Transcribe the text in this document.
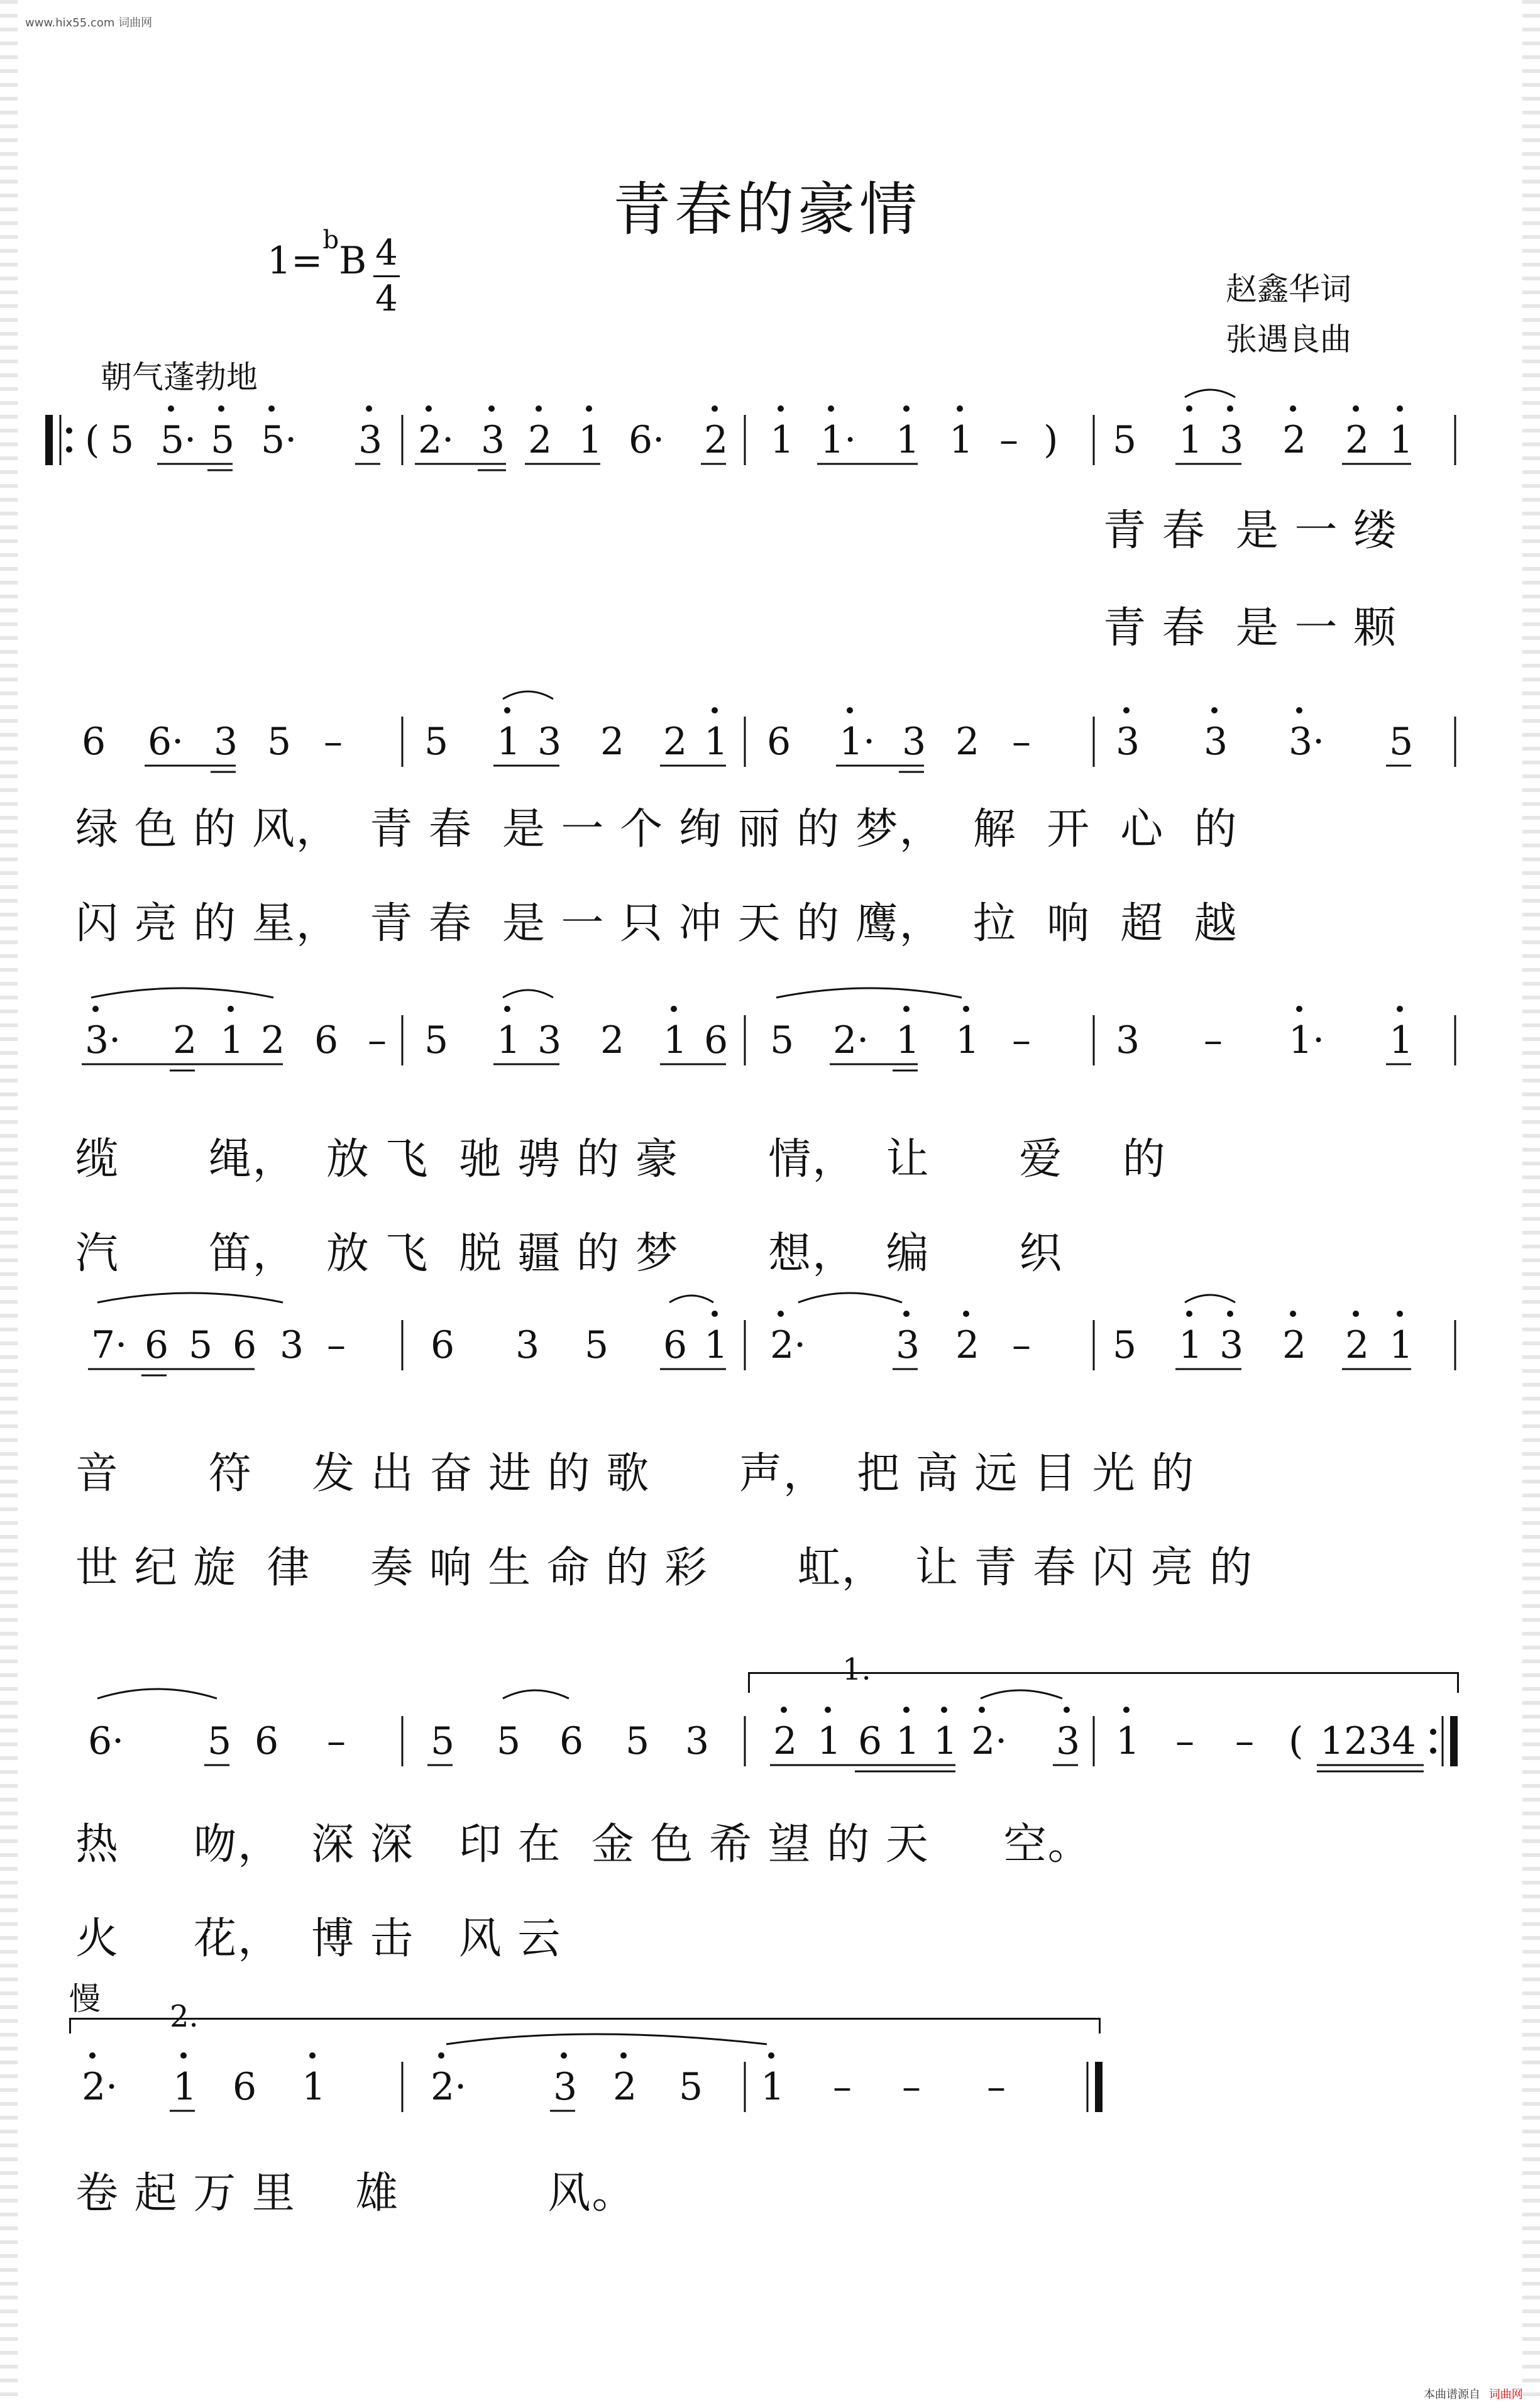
www.hix55.com 词曲网
青春的豪情
1=bB 4
4	赵鑫华词
张遇良曲
朝气蓬勃地
( 5 5· 5 5· 3 2· 3 2 1 6· 2 1 1· 1 1 – ) 5 1 3 2 2 1
青 春  是 一 缕
青 春  是 一 颗
6 6· 3 5 – 5 1 3 2 2 1 6 1· 3 2 – 3 3 3· 5
绿 色 的 风，  青 春  是 一 个 绚 丽 的 梦，  解  开  心  的
闪 亮 的 星，  青 春  是 一 只 冲 天 的 鹰，  拉  响  超  越
3· 2 1 2 6 – 5 1 3 2 1 6 5 2· 1 1 – 3 – 1· 1
缆      绳，  放 飞  驰 骋 的 豪      情，  让      爱    的
汽      笛，  放 飞  脱 疆 的 梦      想，  编      织
7· 6 5 6 3 – 6 3 5 6 1 2· 3 2 – 5 1 3 2 2 1
音      符    发 出 奋 进 的 歌      声，  把 高 远 目 光 的
世 纪 旋  律    奏 响 生 命 的 彩      虹，  让 青 春 闪 亮 的
1.
6· 5 6 – 5 5 6 5 3 2 1 6 1 1 2· 3 1 – – ( 1234
热     吻，  深 深   印 在  金 色 希 望 的 天     空。
火     花，  博 击   风 云
慢 2.
2· 1 6 1	2· 3 2 5 1 – – –
卷 起 万 里    雄          风。
本曲谱源自 词曲网
